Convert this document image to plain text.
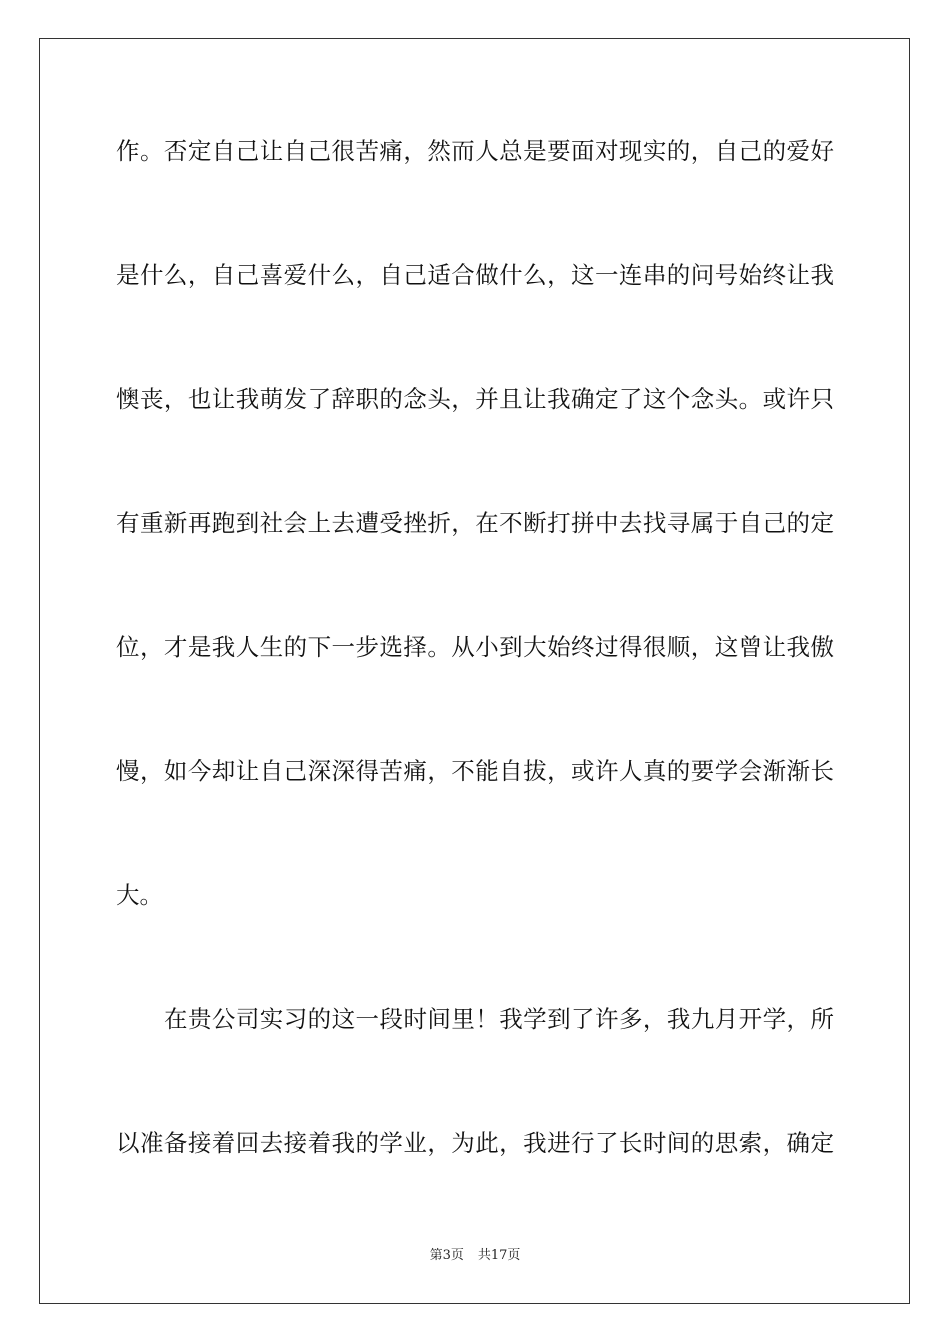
作。否定自己让自己很苦痛，然而人总是要面对现实的，自己的爱好
是什么，自己喜爱什么，自己适合做什么，这一连串的问号始终让我
懊丧，也让我萌发了辞职的念头，并且让我确定了这个念头。或许只
有重新再跑到社会上去遭受挫折，在不断打拼中去找寻属于自己的定
位，才是我人生的下一步选择。从小到大始终过得很顺，这曾让我傲
慢，如今却让自己深深得苦痛，不能自拔，或许人真的要学会渐渐长
大。
在贵公司实习的这一段时间里！我学到了许多，我九月开学，所
以准备接着回去接着我的学业，为此，我进行了长时间的思索，确定
第3页 共17页
